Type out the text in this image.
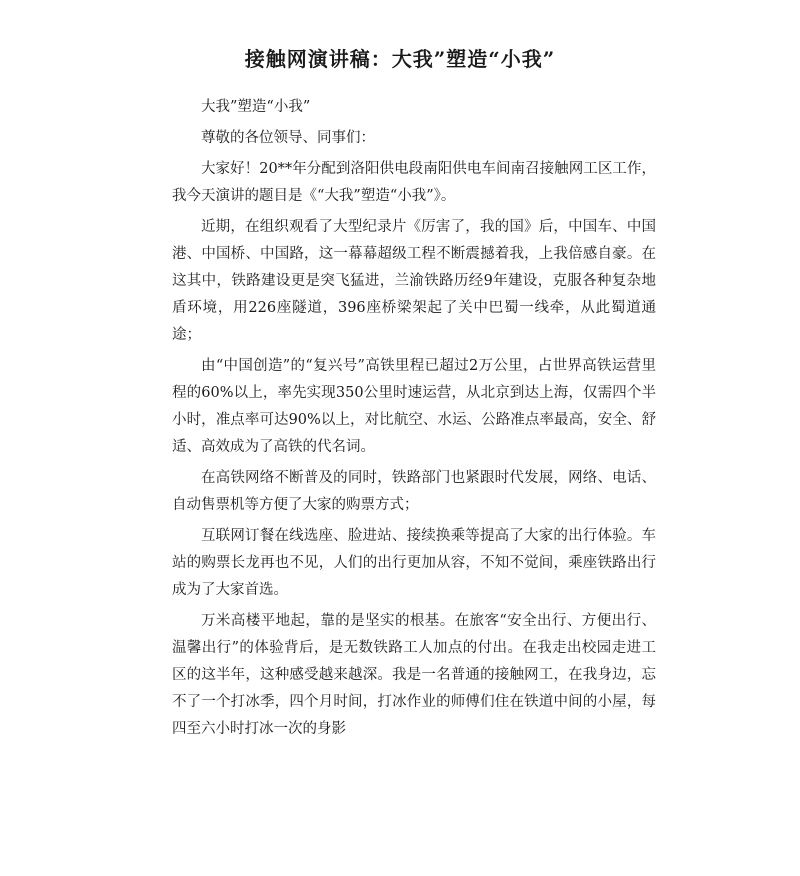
接触网演讲稿：大我”塑造“小我”

大我”塑造“小我”

尊敬的各位领导、同事们：

大家好！20**年分配到洛阳供电段南阳供电车间南召接触网工区工作，我今天演讲的题目是《“大我”塑造“小我”》。

近期，在组织观看了大型纪录片《厉害了，我的国》后，中国车、中国港、中国桥、中国路，这一幕幕超级工程不断震撼着我，上我倍感自豪。在这其中，铁路建设更是突飞猛进，兰渝铁路历经9年建设，克服各种复杂地盾环境，用226座隧道，396座桥梁架起了关中巴蜀一线牵，从此蜀道通途；

由“中国创造”的“复兴号”高铁里程已超过2万公里，占世界高铁运营里程的60%以上，率先实现350公里时速运营，从北京到达上海，仅需四个半小时，准点率可达90%以上，对比航空、水运、公路准点率最高，安全、舒适、高效成为了高铁的代名词。

在高铁网络不断普及的同时，铁路部门也紧跟时代发展，网络、电话、自动售票机等方便了大家的购票方式；

互联网订餐在线选座、脸进站、接续换乘等提高了大家的出行体验。车站的购票长龙再也不见，人们的出行更加从容，不知不觉间，乘座铁路出行成为了大家首选。

万米高楼平地起，靠的是坚实的根基。在旅客“安全出行、方便出行、温馨出行”的体验背后，是无数铁路工人加点的付出。在我走出校园走进工区的这半年，这种感受越来越深。我是一名普通的接触网工，在我身边，忘不了一个打冰季，四个月时间，打冰作业的师傅们住在铁道中间的小屋，每四至六小时打冰一次的身影
